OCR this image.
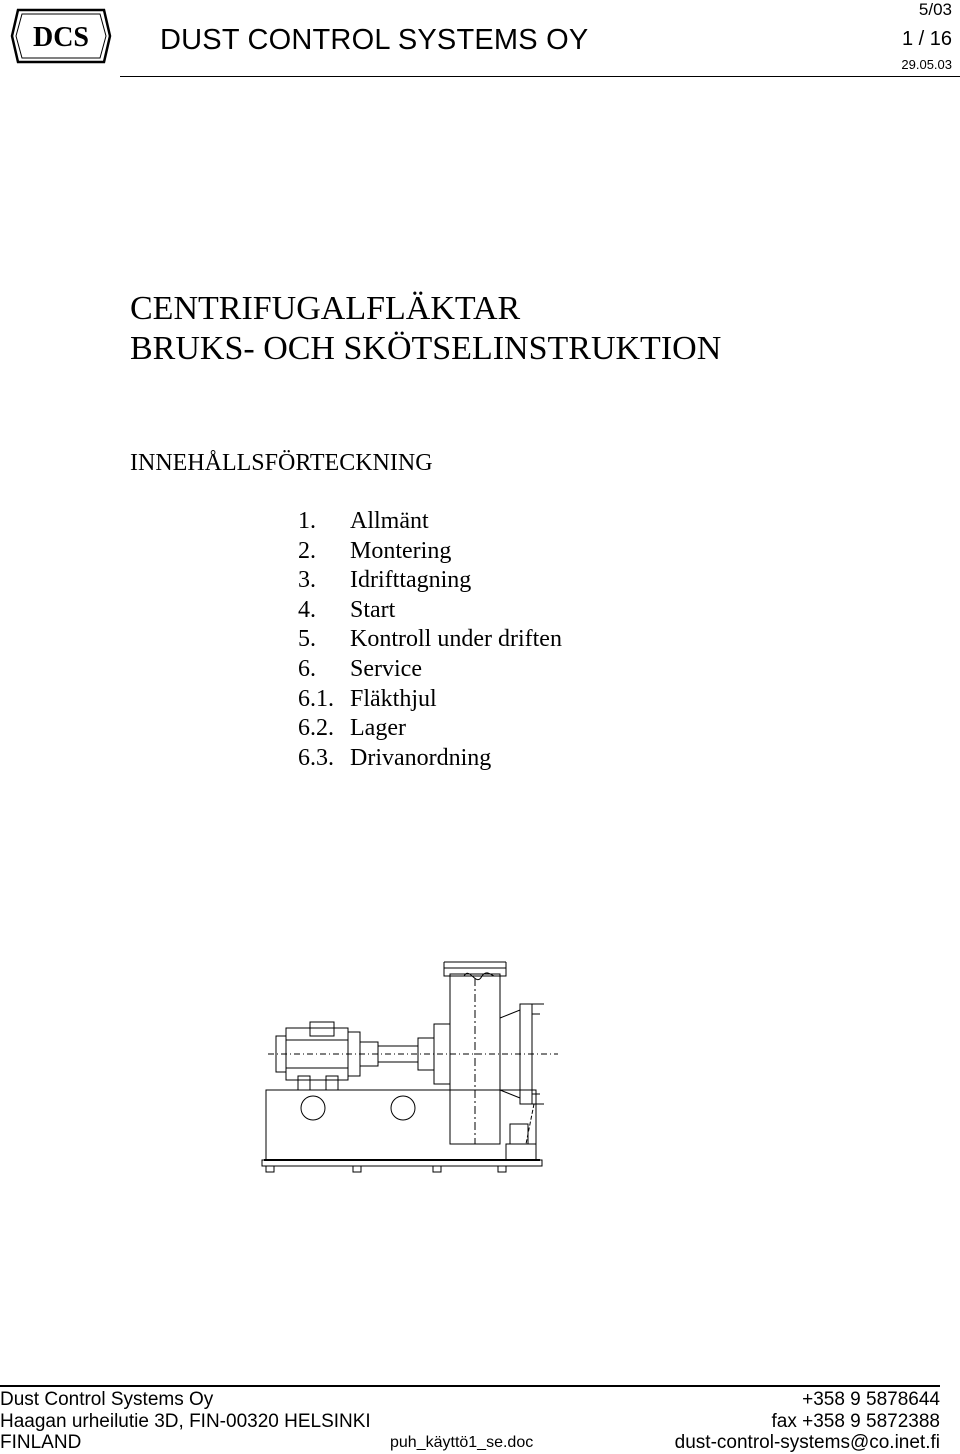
DCS DUST CONTROL SYSTEMS OY
5/03
1 / 16
29.05.03
CENTRIFUGALFLÄKTAR
BRUKS- OCH SKÖTSELINSTRUKTION
INNEHÅLLSFÖRTECKNING
1. Allmänt
2. Montering
3. Idrifttagning
4. Start
5. Kontroll under driften
6. Service
6.1. Fläkthjul
6.2. Lager
6.3. Drivanordning
Dust Control Systems Oy
Haagan urheilutie 3D, FIN-00320 HELSINKI
FINLAND	puh_käyttö1_se.doc
+358 9 5878644
fax +358 9 5872388
dust-control-systems@co.inet.fi
